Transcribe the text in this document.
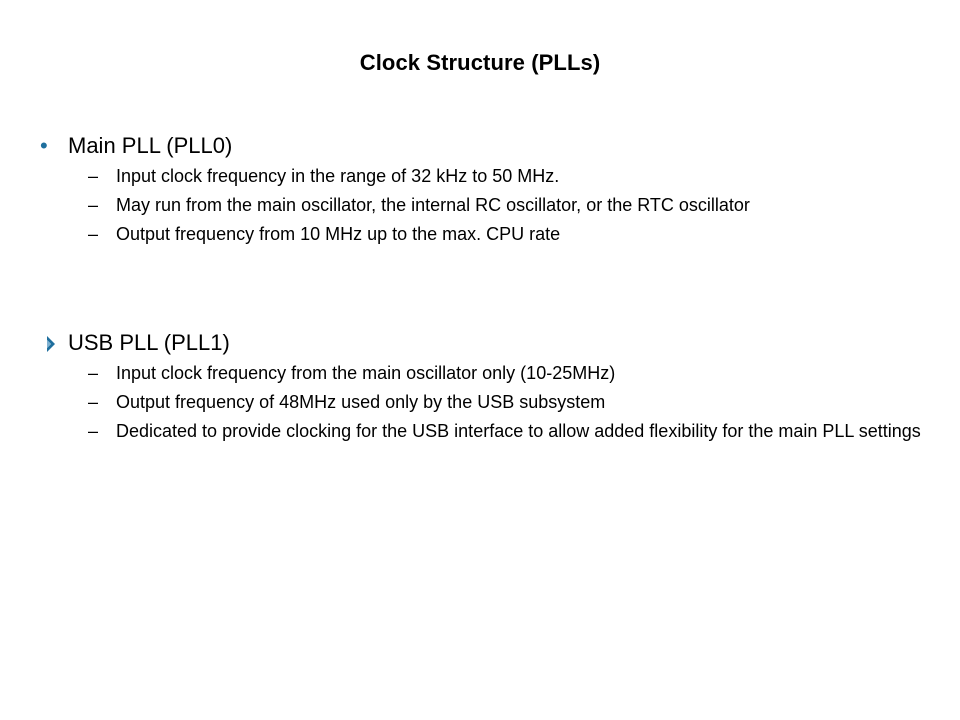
Clock Structure (PLLs)
• Main PLL (PLL0)
– Input clock frequency in the range of 32 kHz to 50 MHz.
– May run from the main oscillator, the internal RC oscillator, or the RTC oscillator
– Output frequency from 10 MHz up to the max. CPU rate
USB PLL (PLL1)
– Input clock frequency from the main oscillator only (10-25MHz)
– Output frequency of 48MHz used only by the USB subsystem
– Dedicated to provide clocking for the USB interface to allow added flexibility for the main PLL settings
